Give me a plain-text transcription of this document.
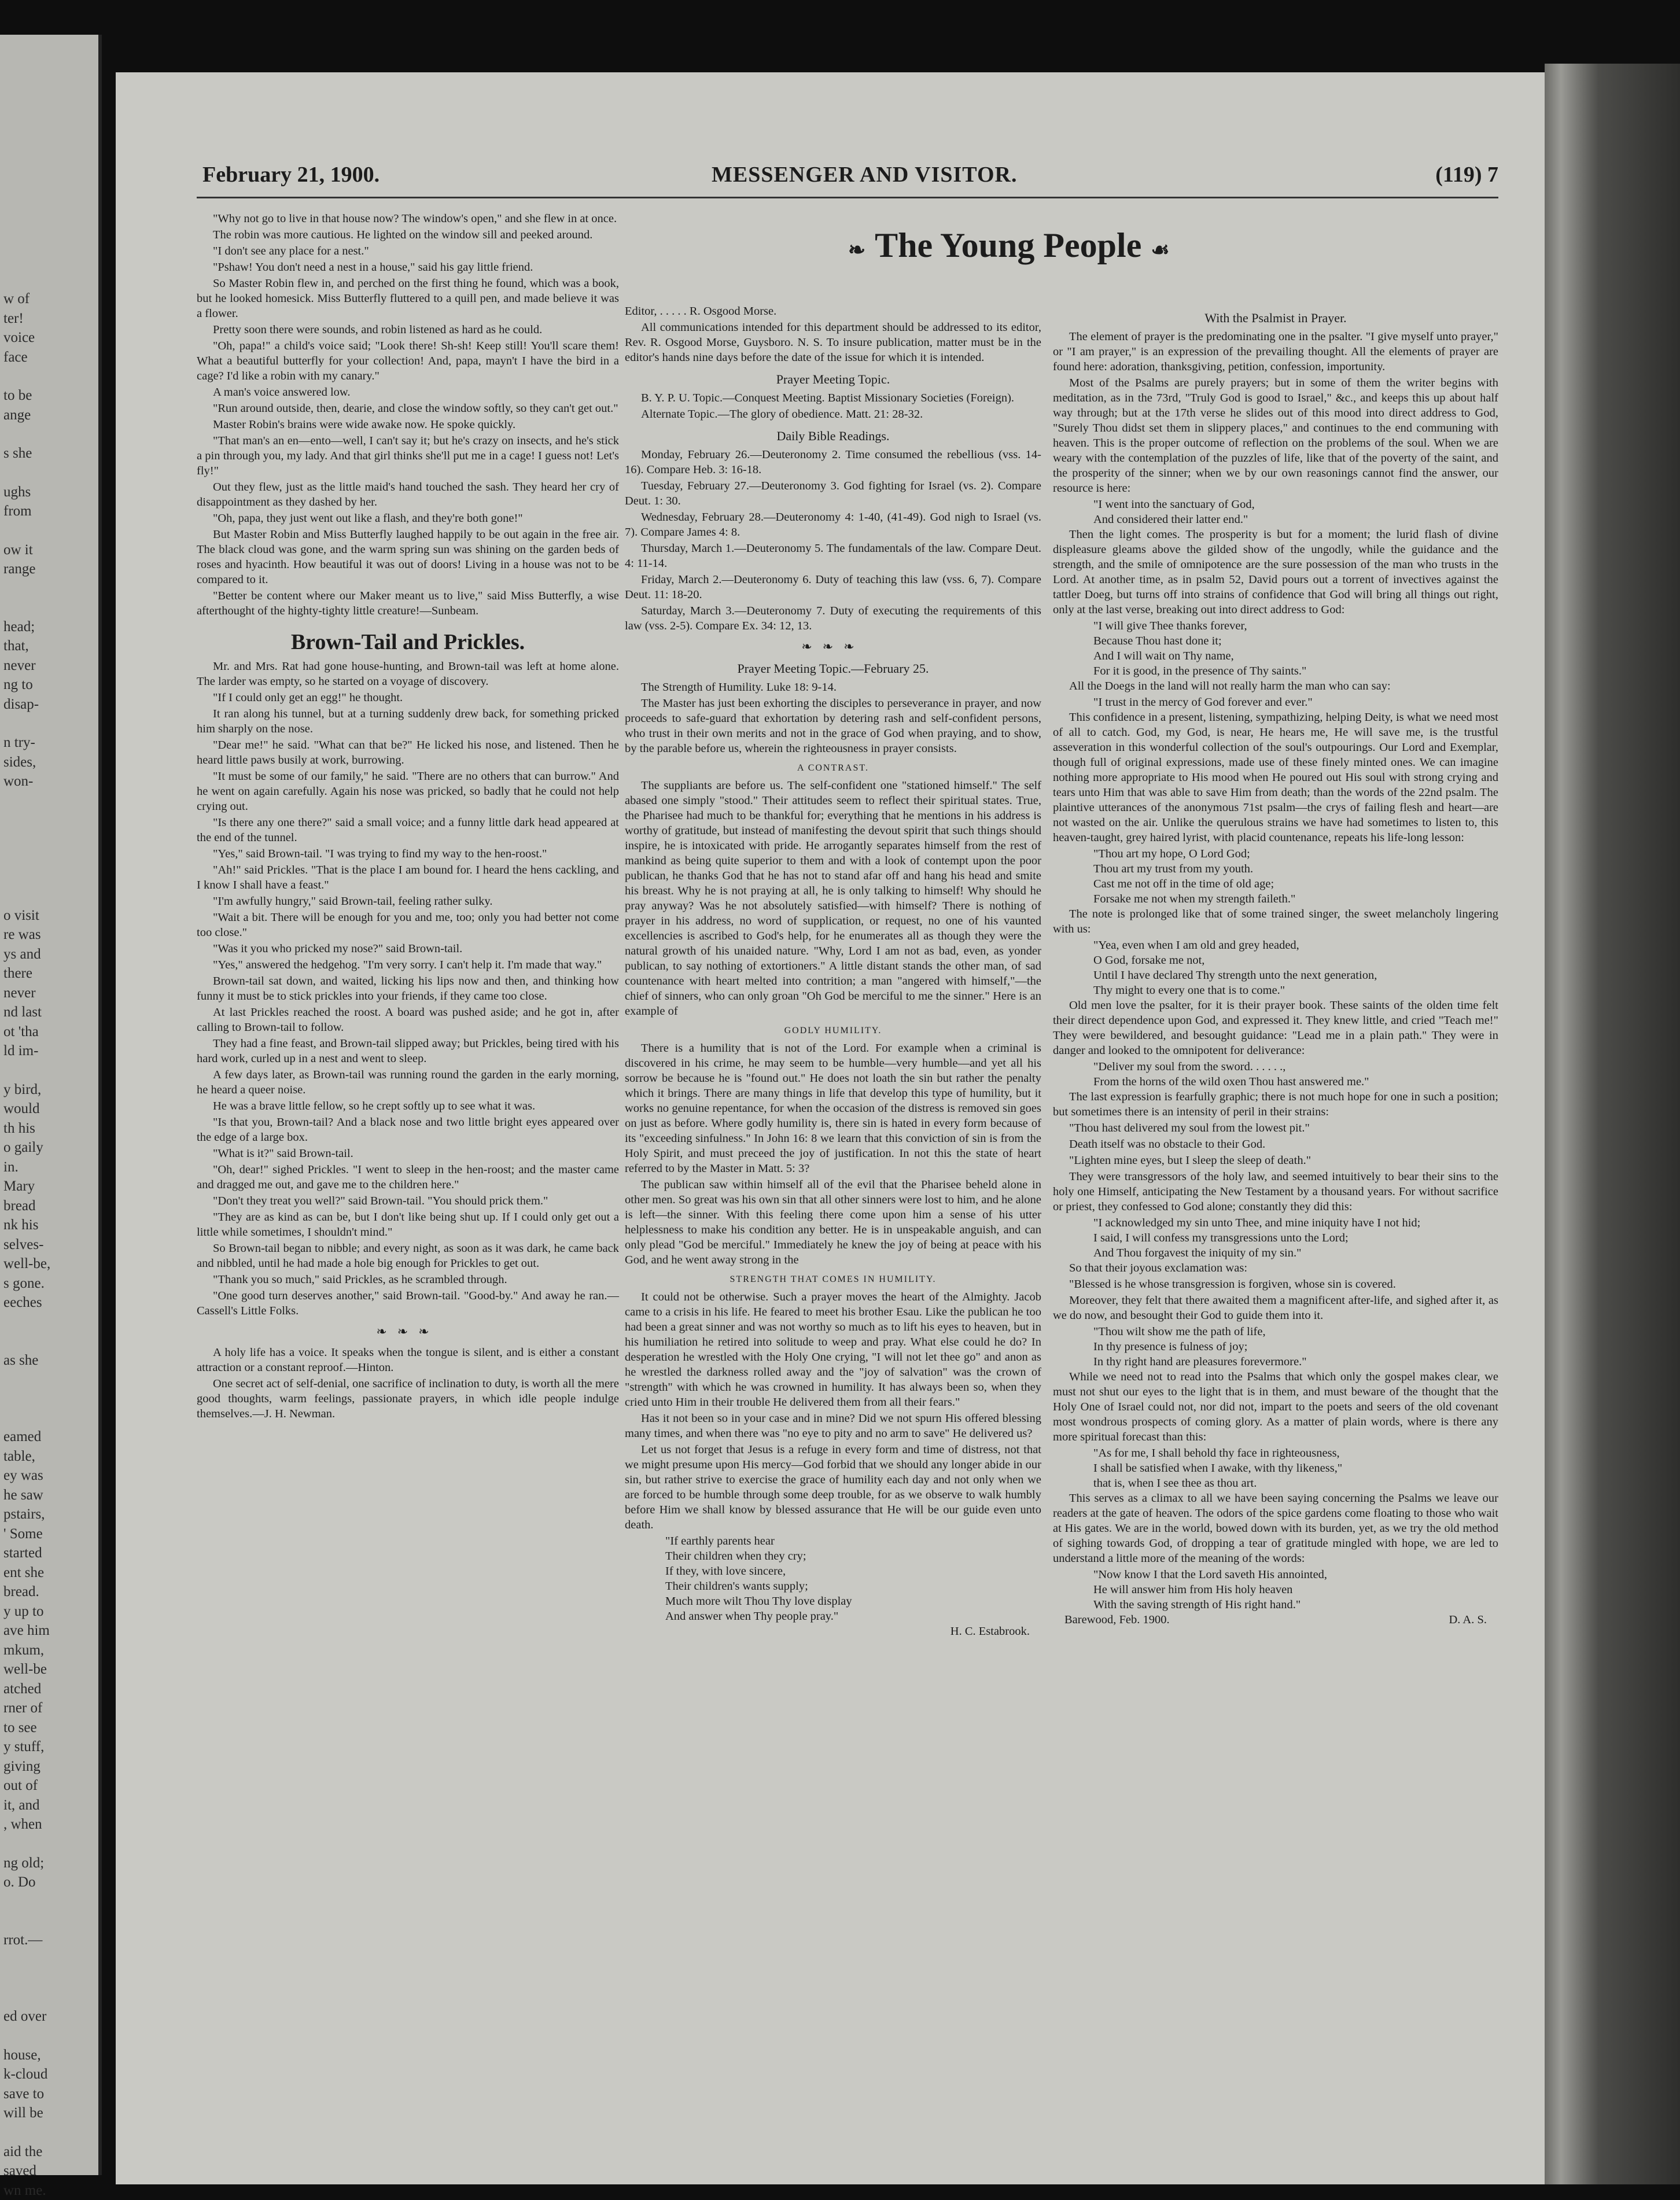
w of
ter!
voice
face
to be
ange
s she
ughs
from
ow it
range
head;
that,
never
ng to
disap-
n try-
sides,
won-
o visit
re was
ys and
there
never
nd last
ot 'tha
ld im-
y bird,
would
th his
o gaily
in.
Mary
bread
nk his
selves-
well-be,
s gone.
eeches
as she
eamed
table,
ey was
he saw
pstairs,
' Some
started
ent she
bread.
y up to
ave him
mkum,
well-be
atched
rner of
to see
y stuff,
giving
out of
it, and
, when
ng old;
o. Do
rrot.—
ed over
house,
k-cloud
save to
will be
aid the
saved
wn me.
February 21, 1900.	MESSENGER AND VISITOR.	(119) 7
❧ The Young People ☙

"Why not go to live in that house now? The window's open," and she flew in at once.

The robin was more cautious. He lighted on the window sill and peeked around.

"I don't see any place for a nest."

"Pshaw! You don't need a nest in a house," said his gay little friend.

So Master Robin flew in, and perched on the first thing he found, which was a book, but he looked homesick. Miss Butterfly fluttered to a quill pen, and made believe it was a flower.

Pretty soon there were sounds, and robin listened as hard as he could.

"Oh, papa!" a child's voice said; "Look there! Sh-sh! Keep still! You'll scare them! What a beautiful butterfly for your collection! And, papa, mayn't I have the bird in a cage? I'd like a robin with my canary."

A man's voice answered low.

"Run around outside, then, dearie, and close the window softly, so they can't get out."

Master Robin's brains were wide awake now. He spoke quickly.

"That man's an en—ento—well, I can't say it; but he's crazy on insects, and he's stick a pin through you, my lady. And that girl thinks she'll put me in a cage! I guess not! Let's fly!"

Out they flew, just as the little maid's hand touched the sash. They heard her cry of disappointment as they dashed by her.

"Oh, papa, they just went out like a flash, and they're both gone!"

But Master Robin and Miss Butterfly laughed happily to be out again in the free air. The black cloud was gone, and the warm spring sun was shining on the garden beds of roses and hyacinth. How beautiful it was out of doors! Living in a house was not to be compared to it.

"Better be content where our Maker meant us to live," said Miss Butterfly, a wise afterthought of the highty-tighty little creature!—Sunbeam.

Brown-Tail and Prickles.

Mr. and Mrs. Rat had gone house-hunting, and Brown-tail was left at home alone. The larder was empty, so he started on a voyage of discovery.

"If I could only get an egg!" he thought.

It ran along his tunnel, but at a turning suddenly drew back, for something pricked him sharply on the nose.

"Dear me!" he said. "What can that be?" He licked his nose, and listened. Then he heard little paws busily at work, burrowing.

"It must be some of our family," he said. "There are no others that can burrow." And he went on again carefully. Again his nose was pricked, so badly that he could not help crying out.

"Is there any one there?" said a small voice; and a funny little dark head appeared at the end of the tunnel.

"Yes," said Brown-tail. "I was trying to find my way to the hen-roost."

"Ah!" said Prickles. "That is the place I am bound for. I heard the hens cackling, and I know I shall have a feast."

"I'm awfully hungry," said Brown-tail, feeling rather sulky.

"Wait a bit. There will be enough for you and me, too; only you had better not come too close."

"Was it you who pricked my nose?" said Brown-tail.

"Yes," answered the hedgehog. "I'm very sorry. I can't help it. I'm made that way."

Brown-tail sat down, and waited, licking his lips now and then, and thinking how funny it must be to stick prickles into your friends, if they came too close.

At last Prickles reached the roost. A board was pushed aside; and he got in, after calling to Brown-tail to follow.

They had a fine feast, and Brown-tail slipped away; but Prickles, being tired with his hard work, curled up in a nest and went to sleep.

A few days later, as Brown-tail was running round the garden in the early morning, he heard a queer noise.

He was a brave little fellow, so he crept softly up to see what it was.

"Is that you, Brown-tail? And a black nose and two little bright eyes appeared over the edge of a large box.

"What is it?" said Brown-tail.

"Oh, dear!" sighed Prickles. "I went to sleep in the hen-roost; and the master came and dragged me out, and gave me to the children here."

"Don't they treat you well?" said Brown-tail. "You should prick them."

"They are as kind as can be, but I don't like being shut up. If I could only get out a little while sometimes, I shouldn't mind."

So Brown-tail began to nibble; and every night, as soon as it was dark, he came back and nibbled, until he had made a hole big enough for Prickles to get out.

"Thank you so much," said Prickles, as he scrambled through.

"One good turn deserves another," said Brown-tail. "Good-by." And away he ran.—Cassell's Little Folks.

❧❧❧

A holy life has a voice. It speaks when the tongue is silent, and is either a constant attraction or a constant reproof.—Hinton.

One secret act of self-denial, one sacrifice of inclination to duty, is worth all the mere good thoughts, warm feelings, passionate prayers, in which idle people indulge themselves.—J. H. Newman.

Editor, . . . . . R. Osgood Morse.

All communications intended for this department should be addressed to its editor, Rev. R. Osgood Morse, Guysboro. N. S. To insure publication, matter must be in the editor's hands nine days before the date of the issue for which it is intended.

Prayer Meeting Topic.

B. Y. P. U. Topic.—Conquest Meeting. Baptist Missionary Societies (Foreign).

Alternate Topic.—The glory of obedience. Matt. 21: 28-32.

Daily Bible Readings.

Monday, February 26.—Deuteronomy 2. Time consumed the rebellious (vss. 14-16). Compare Heb. 3: 16-18.

Tuesday, February 27.—Deuteronomy 3. God fighting for Israel (vs. 2). Compare Deut. 1: 30.

Wednesday, February 28.—Deuteronomy 4: 1-40, (41-49). God nigh to Israel (vs. 7). Compare James 4: 8.

Thursday, March 1.—Deuteronomy 5. The fundamentals of the law. Compare Deut. 4: 11-14.

Friday, March 2.—Deuteronomy 6. Duty of teaching this law (vss. 6, 7). Compare Deut. 11: 18-20.

Saturday, March 3.—Deuteronomy 7. Duty of executing the requirements of this law (vss. 2-5). Compare Ex. 34: 12, 13.

❧❧❧
Prayer Meeting Topic.—February 25.

The Strength of Humility. Luke 18: 9-14.

The Master has just been exhorting the disciples to perseverance in prayer, and now proceeds to safe-guard that exhortation by detering rash and self-confident persons, who trust in their own merits and not in the grace of God when praying, and to show, by the parable before us, wherein the righteousness in prayer consists.

A CONTRAST.

The suppliants are before us. The self-confident one "stationed himself." The self abased one simply "stood." Their attitudes seem to reflect their spiritual states. True, the Pharisee had much to be thankful for; everything that he mentions in his address is worthy of gratitude, but instead of manifesting the devout spirit that such things should inspire, he is intoxicated with pride. He arrogantly separates himself from the rest of mankind as being quite superior to them and with a look of contempt upon the poor publican, he thanks God that he has not to stand afar off and hang his head and smite his breast. Why he is not praying at all, he is only talking to himself! Why should he pray anyway? Was he not absolutely satisfied—with himself? There is nothing of prayer in his address, no word of supplication, or request, no one of his vaunted excellencies is ascribed to God's help, for he enumerates all as though they were the natural growth of his unaided nature. "Why, Lord I am not as bad, even, as yonder publican, to say nothing of extortioners." A little distant stands the other man, of sad countenance with heart melted into contrition; a man "angered with himself,"—the chief of sinners, who can only groan "Oh God be merciful to me the sinner." Here is an example of

GODLY HUMILITY.

There is a humility that is not of the Lord. For example when a criminal is discovered in his crime, he may seem to be humble—very humble—and yet all his sorrow be because he is "found out." He does not loath the sin but rather the penalty which it brings. There are many things in life that develop this type of humility, but it works no genuine repentance, for when the occasion of the distress is removed sin goes on just as before. Where godly humility is, there sin is hated in every form because of its "exceeding sinfulness." In John 16: 8 we learn that this conviction of sin is from the Holy Spirit, and must preceed the joy of justification. In not this the state of heart referred to by the Master in Matt. 5: 3?

The publican saw within himself all of the evil that the Pharisee beheld alone in other men. So great was his own sin that all other sinners were lost to him, and he alone is left—the sinner. With this feeling there come upon him a sense of his utter helplessness to make his condition any better. He is in unspeakable anguish, and can only plead "God be merciful." Immediately he knew the joy of being at peace with his God, and he went away strong in the

STRENGTH THAT COMES IN HUMILITY.

It could not be otherwise. Such a prayer moves the heart of the Almighty. Jacob came to a crisis in his life. He feared to meet his brother Esau. Like the publican he too had been a great sinner and was not worthy so much as to lift his eyes to heaven, but in his humiliation he retired into solitude to weep and pray. What else could he do? In desperation he wrestled with the Holy One crying, "I will not let thee go" and anon as he wrestled the darkness rolled away and the "joy of salvation" was the crown of "strength" with which he was crowned in humility. It has always been so, when they cried unto Him in their trouble He delivered them from all their fears."

Has it not been so in your case and in mine? Did we not spurn His offered blessing many times, and when there was "no eye to pity and no arm to save" He delivered us?

Let us not forget that Jesus is a refuge in every form and time of distress, not that we might presume upon His mercy—God forbid that we should any longer abide in our sin, but rather strive to exercise the grace of humility each day and not only when we are forced to be humble through some deep trouble, for as we observe to walk humbly before Him we shall know by blessed assurance that He will be our guide even unto death.

"If earthly parents hear
Their children when they cry;
If they, with love sincere,
Their children's wants supply;
Much more wilt Thou Thy love display
And answer when Thy people pray."
H. C. Estabrook.
With the Psalmist in Prayer.

The element of prayer is the predominating one in the psalter. "I give myself unto prayer," or "I am prayer," is an expression of the prevailing thought. All the elements of prayer are found here: adoration, thanksgiving, petition, confession, importunity.

Most of the Psalms are purely prayers; but in some of them the writer begins with meditation, as in the 73rd, "Truly God is good to Israel," &c., and keeps this up about half way through; but at the 17th verse he slides out of this mood into direct address to God, "Surely Thou didst set them in slippery places," and continues to the end communing with heaven. This is the proper outcome of reflection on the problems of the soul. When we are weary with the contemplation of the puzzles of life, like that of the poverty of the saint, and the prosperity of the sinner; when we by our own reasonings cannot find the answer, our resource is here:

"I went into the sanctuary of God,
And considered their latter end."

Then the light comes. The prosperity is but for a moment; the lurid flash of divine displeasure gleams above the gilded show of the ungodly, while the guidance and the strength, and the smile of omnipotence are the sure possession of the man who trusts in the Lord. At another time, as in psalm 52, David pours out a torrent of invectives against the tattler Doeg, but turns off into strains of confidence that God will bring all things out right, only at the last verse, breaking out into direct address to God:

"I will give Thee thanks forever,
Because Thou hast done it;
And I will wait on Thy name,
For it is good, in the presence of Thy saints."

All the Doegs in the land will not really harm the man who can say:

"I trust in the mercy of God forever and ever."

This confidence in a present, listening, sympathizing, helping Deity, is what we need most of all to catch. God, my God, is near, He hears me, He will save me, is the trustful asseveration in this wonderful collection of the soul's outpourings. Our Lord and Exemplar, though full of original expressions, made use of these finely minted ones. We can imagine nothing more appropriate to His mood when He poured out His soul with strong crying and tears unto Him that was able to save Him from death; than the words of the 22nd psalm. The plaintive utterances of the anonymous 71st psalm—the crys of failing flesh and heart—are not wasted on the air. Unlike the querulous strains we have had sometimes to listen to, this heaven-taught, grey haired lyrist, with placid countenance, repeats his life-long lesson:

"Thou art my hope, O Lord God;
Thou art my trust from my youth.
Cast me not off in the time of old age;
Forsake me not when my strength faileth."

The note is prolonged like that of some trained singer, the sweet melancholy lingering with us:

"Yea, even when I am old and grey headed,
O God, forsake me not,
Until I have declared Thy strength unto the next generation,
Thy might to every one that is to come."

Old men love the psalter, for it is their prayer book. These saints of the olden time felt their direct dependence upon God, and expressed it. They knew little, and cried "Teach me!" They were bewildered, and besought guidance: "Lead me in a plain path." They were in danger and looked to the omnipotent for deliverance:

"Deliver my soul from the sword. . . . . .,
From the horns of the wild oxen Thou hast answered me."

The last expression is fearfully graphic; there is not much hope for one in such a position; but sometimes there is an intensity of peril in their strains:

"Thou hast delivered my soul from the lowest pit."

Death itself was no obstacle to their God.

"Lighten mine eyes, but I sleep the sleep of death."

They were transgressors of the holy law, and seemed intuitively to bear their sins to the holy one Himself, anticipating the New Testament by a thousand years. For without sacrifice or priest, they confessed to God alone; constantly they did this:

"I acknowledged my sin unto Thee, and mine iniquity have I not hid;
I said, I will confess my transgressions unto the Lord;
And Thou forgavest the iniquity of my sin."

So that their joyous exclamation was:

"Blessed is he whose transgression is forgiven, whose sin is covered.

Moreover, they felt that there awaited them a magnificent after-life, and sighed after it, as we do now, and besought their God to guide them into it.

"Thou wilt show me the path of life,
In thy presence is fulness of joy;
In thy right hand are pleasures forevermore."

While we need not to read into the Psalms that which only the gospel makes clear, we must not shut our eyes to the light that is in them, and must beware of the thought that the Holy One of Israel could not, nor did not, impart to the poets and seers of the old covenant most wondrous prospects of coming glory. As a matter of plain words, where is there any more spiritual forecast than this:

"As for me, I shall behold thy face in righteousness,
I shall be satisfied when I awake, with thy likeness,"
that is, when I see thee as thou art.

This serves as a climax to all we have been saying concerning the Psalms we leave our readers at the gate of heaven. The odors of the spice gardens come floating to those who wait at His gates. We are in the world, bowed down with its burden, yet, as we try the old method of sighing towards God, of dropping a tear of gratitude mingled with hope, we are led to understand a little more of the meaning of the words:

"Now know I that the Lord saveth His annointed,
He will answer him from His holy heaven
With the saving strength of His right hand."
Barewood, Feb. 1900.	D. A. S.
